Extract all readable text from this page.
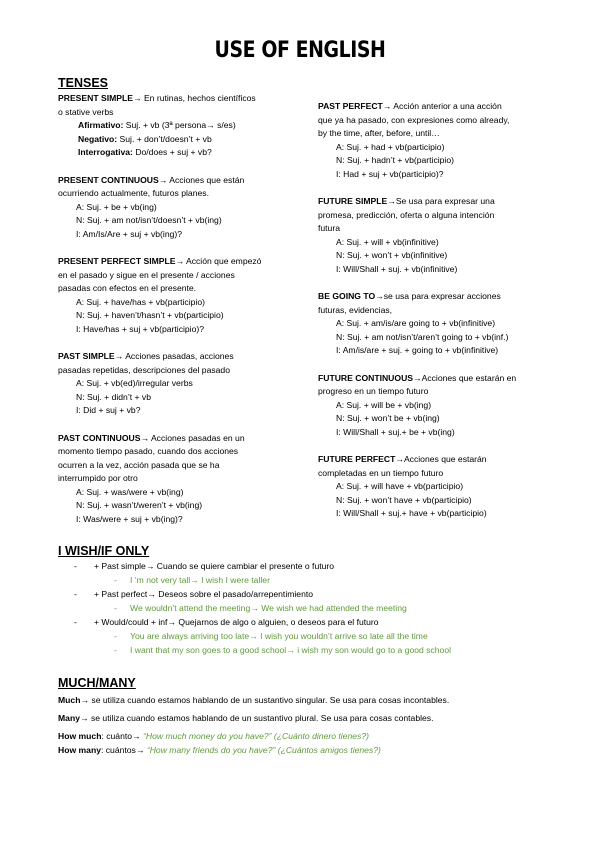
USE OF ENGLISH
TENSES

PRESENT SIMPLE→ En rutinas, hechos científicos

o stative verbs

Afirmativo: Suj. + vb (3ª persona→ s/es)

Negativo: Suj. + don’t/doesn’t + vb

Interrogativa: Do/does + suj + vb?

PRESENT CONTINUOUS→ Acciones que están

ocurriendo actualmente, futuros planes.

A: Suj. + be + vb(ing)

N: Suj. + am not/isn’t/doesn’t + vb(ing)

I: Am/Is/Are + suj + vb(ing)?

PRESENT PERFECT SIMPLE→ Acción que empezó

en el pasado y sigue en el presente / acciones

pasadas con efectos en el presente.

A: Suj. + have/has + vb(participio)

N: Suj. + haven’t/hasn’t + vb(participio)

I: Have/has + suj + vb(participio)?

PAST SIMPLE→ Acciones pasadas, acciones

pasadas repetidas, descripciones del pasado

A: Suj. + vb(ed)/irregular verbs

N: Suj. + didn’t + vb

I: Did + suj + vb?

PAST CONTINUOUS→ Acciones pasadas en un

momento tiempo pasado, cuando dos acciones

ocurren a la vez, acción pasada que se ha

interrumpido por otro

A: Suj. + was/were + vb(ing)

N: Suj. + wasn’t/weren’t + vb(ing)

I: Was/were + suj + vb(ing)?

PAST PERFECT→ Acción anterior a una acción

que ya ha pasado, con expresiones como already,

by the time, after, before, until…

A: Suj. + had + vb(participio)

N: Suj. + hadn’t + vb(participio)

I: Had + suj + vb(participio)?

FUTURE SIMPLE→Se usa para expresar una

promesa, predicción, oferta o alguna intención

futura

A: Suj. + will + vb(infinitive)

N: Suj. + won’t + vb(infinitive)

I: Will/Shall + suj. + vb(infinitive)

BE GOING TO→se usa para expresar acciones

futuras, evidencias,

A: Suj. + am/is/are going to + vb(infinitive)

N: Suj. + am not/isn’t/aren’t going to + vb(inf.)

I: Am/is/are + suj. + going to + vb(infinitive)

FUTURE CONTINUOUS→Acciones que estarán en

progreso en un tiempo futuro

A: Suj. + will be + vb(ing)

N: Suj. + won’t be + vb(ing)

I: Will/Shall + suj.+ be + vb(ing)

FUTURE PERFECT→Acciones que estarán

completadas en un tiempo futuro

A: Suj. + will have + vb(participio)

N: Suj. + won’t have + vb(participio)

I: Will/Shall + suj.+ have + vb(participio)

I WISH/IF ONLY
- + Past simple→ Cuando se quiere cambiar el presente o futuro
- I ‘m not very tall→ I wish I were taller
- + Past perfect→ Deseos sobre el pasado/arrepentimiento
- We wouldn’t attend the meeting→ We wish we had attended the meeting
- + Would/could + inf→ Quejarnos de algo o alguien, o deseos para el futuro
- You are always arriving too late→ I wish you wouldn’t arrive so late all the time
- I want that my son goes to a good school→ i wish my son would go to a good school
MUCH/MANY

Much→ se utiliza cuando estamos hablando de un sustantivo singular. Se usa para cosas incontables.

Many→ se utiliza cuando estamos hablando de un sustantivo plural. Se usa para cosas contables.

How much: cuánto→ “How much money do you have?” (¿Cuánto dinero tienes?)

How many: cuántos→ “How many friends do you have?” (¿Cuántos amigos tienes?)
